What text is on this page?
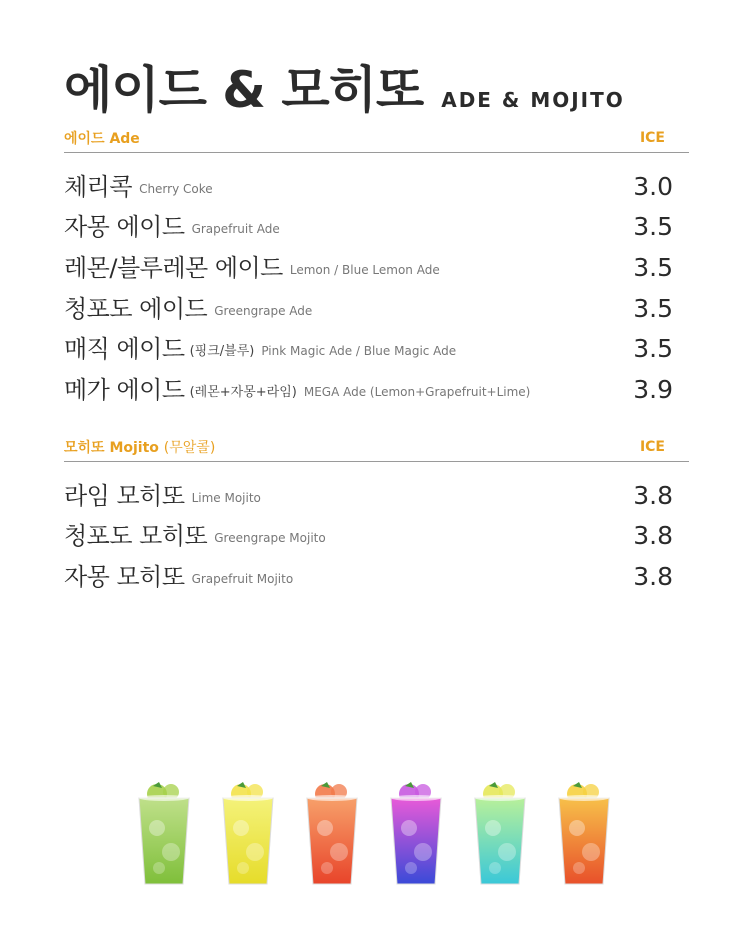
에이드 & 모히또 ADE & MOJITO
에이드 Ade	ICE
체리콕 Cherry Coke	3.0
자몽 에이드 Grapefruit Ade	3.5
레몬/블루레몬 에이드 Lemon / Blue Lemon Ade	3.5
청포도 에이드 Greengrape Ade	3.5
매직 에이드 (핑크/블루) Pink Magic Ade / Blue Magic Ade	3.5
메가 에이드 (레몬+자몽+라임) MEGA Ade (Lemon+Grapefruit+Lime)	3.9
모히또 Mojito (무알콜)	ICE
라임 모히또 Lime Mojito	3.8
청포도 모히또 Greengrape Mojito	3.8
자몽 모히또 Grapefruit Mojito	3.8
